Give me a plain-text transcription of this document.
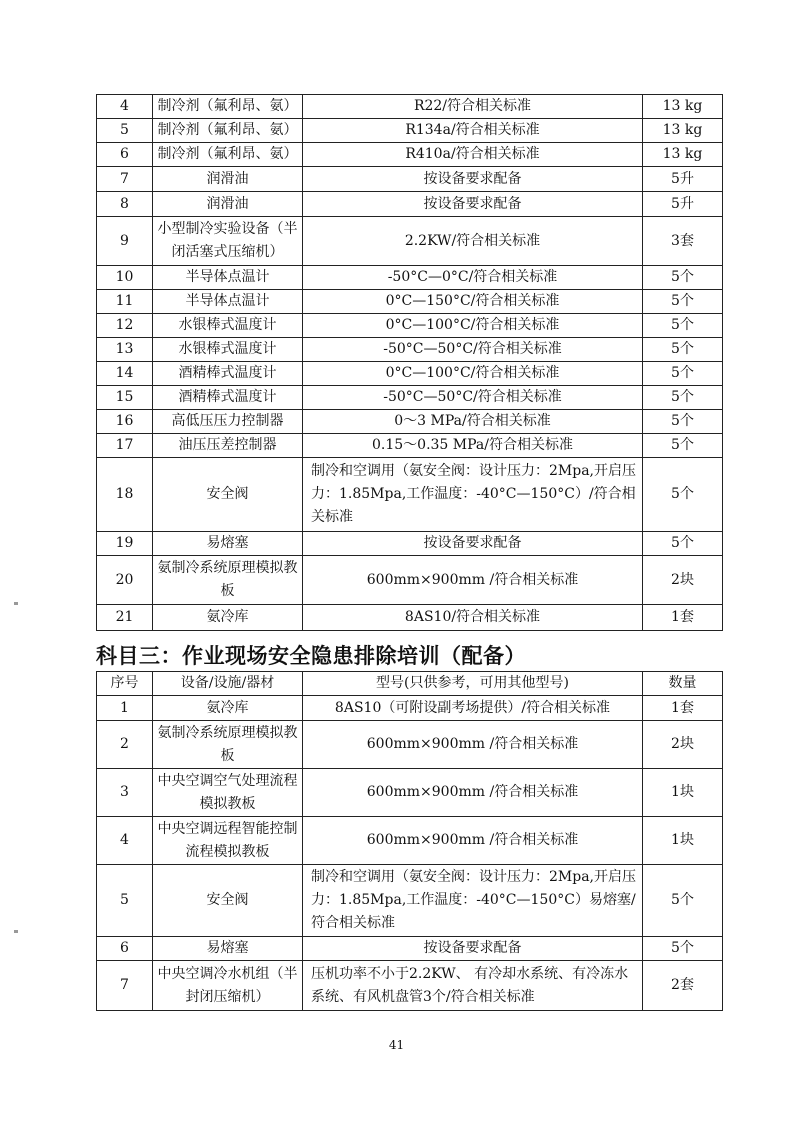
4	制冷剂（氟利昂、氨）	R22/符合相关标准	13 kg
5	制冷剂（氟利昂、氨）	R134a/符合相关标准	13 kg
6	制冷剂（氟利昂、氨）	R410a/符合相关标准	13 kg
7	润滑油	按设备要求配备	5升
8	润滑油	按设备要求配备	5升
9	小型制冷实验设备（半闭活塞式压缩机）	2.2KW/符合相关标准	3套
10	半导体点温计	-50°C—0°C/符合相关标准	5个
11	半导体点温计	0°C—150°C/符合相关标准	5个
12	水银棒式温度计	0°C—100°C/符合相关标准	5个
13	水银棒式温度计	-50°C—50°C/符合相关标准	5个
14	酒精棒式温度计	0°C—100°C/符合相关标准	5个
15	酒精棒式温度计	-50°C—50°C/符合相关标准	5个
16	高低压压力控制器	0～3 MPa/符合相关标准	5个
17	油压压差控制器	0.15～0.35 MPa/符合相关标准	5个
18	安全阀	制冷和空调用（氨安全阀：设计压力：2Mpa,开启压力：1.85Mpa,工作温度：-40°C—150°C）/符合相关标准	5个
19	易熔塞	按设备要求配备	5个
20	氨制冷系统原理模拟教板	600mm×900mm /符合相关标准	2块
21	氨冷库	8AS10/符合相关标准	1套
科目三：作业现场安全隐患排除培训（配备）
序号	设备/设施/器材	型号(只供参考，可用其他型号)	数量
1	氨冷库	8AS10（可附设副考场提供）/符合相关标准	1套
2	氨制冷系统原理模拟教板	600mm×900mm /符合相关标准	2块
3	中央空调空气处理流程模拟教板	600mm×900mm /符合相关标准	1块
4	中央空调远程智能控制流程模拟教板	600mm×900mm /符合相关标准	1块
5	安全阀	制冷和空调用（氨安全阀：设计压力：2Mpa,开启压力：1.85Mpa,工作温度：-40°C—150°C）易熔塞/符合相关标准	5个
6	易熔塞	按设备要求配备	5个
7	中央空调冷水机组（半封闭压缩机）	压机功率不小于2.2KW、 有冷却水系统、有冷冻水系统、有风机盘管3个/符合相关标准	2套
41
